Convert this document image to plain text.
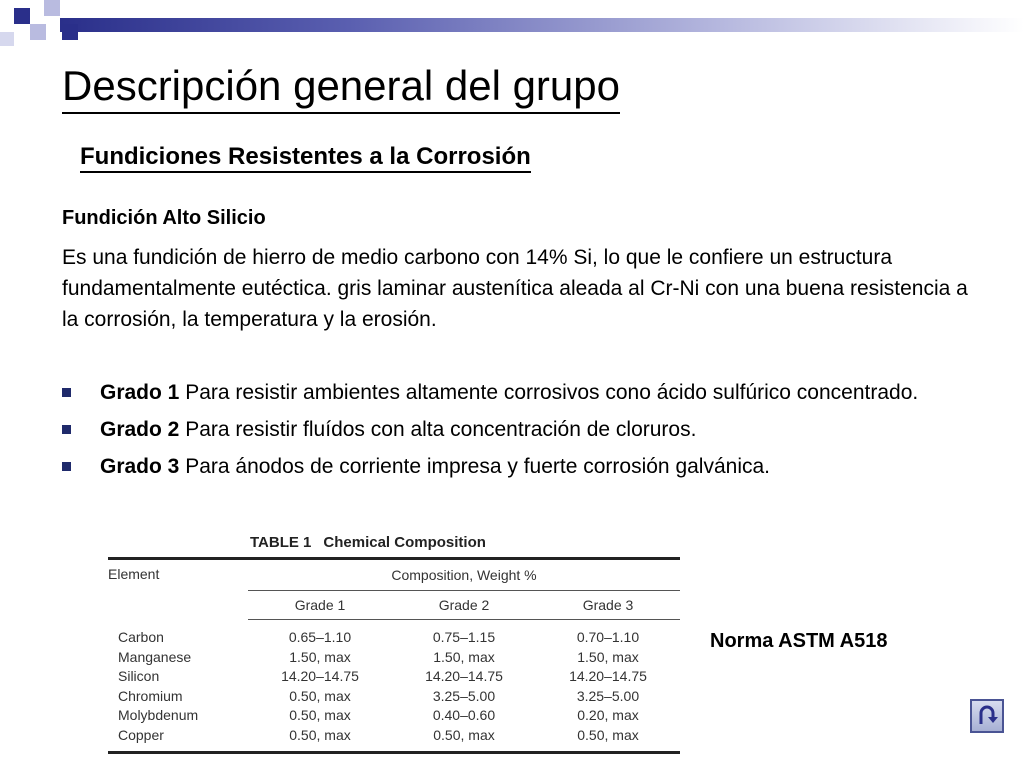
Descripción general del grupo
Fundiciones Resistentes a la Corrosión
Fundición Alto Silicio

Es una fundición de hierro de medio carbono con 14% Si, lo que le confiere un estructura fundamentalmente eutéctica. gris laminar austenítica aleada al Cr-Ni con una buena resistencia a la corrosión, la temperatura y la erosión.

Grado 1 Para resistir ambientes altamente corrosivos cono ácido sulfúrico concentrado.
Grado 2 Para resistir fluídos con alta concentración de cloruros.
Grado 3 Para ánodos de corriente impresa y fuerte corrosión galvánica.

TABLE 1 Chemical Composition

Element	Composition, Weight %		
	Grade 1	Grade 2	Grade 3
Carbon	0.65–1.10	0.75–1.15	0.70–1.10
Manganese	1.50, max	1.50, max	1.50, max
Silicon	14.20–14.75	14.20–14.75	14.20–14.75
Chromium	0.50, max	3.25–5.00	3.25–5.00
Molybdenum	0.50, max	0.40–0.60	0.20, max
Copper	0.50, max	0.50, max	0.50, max

Norma ASTM A518
